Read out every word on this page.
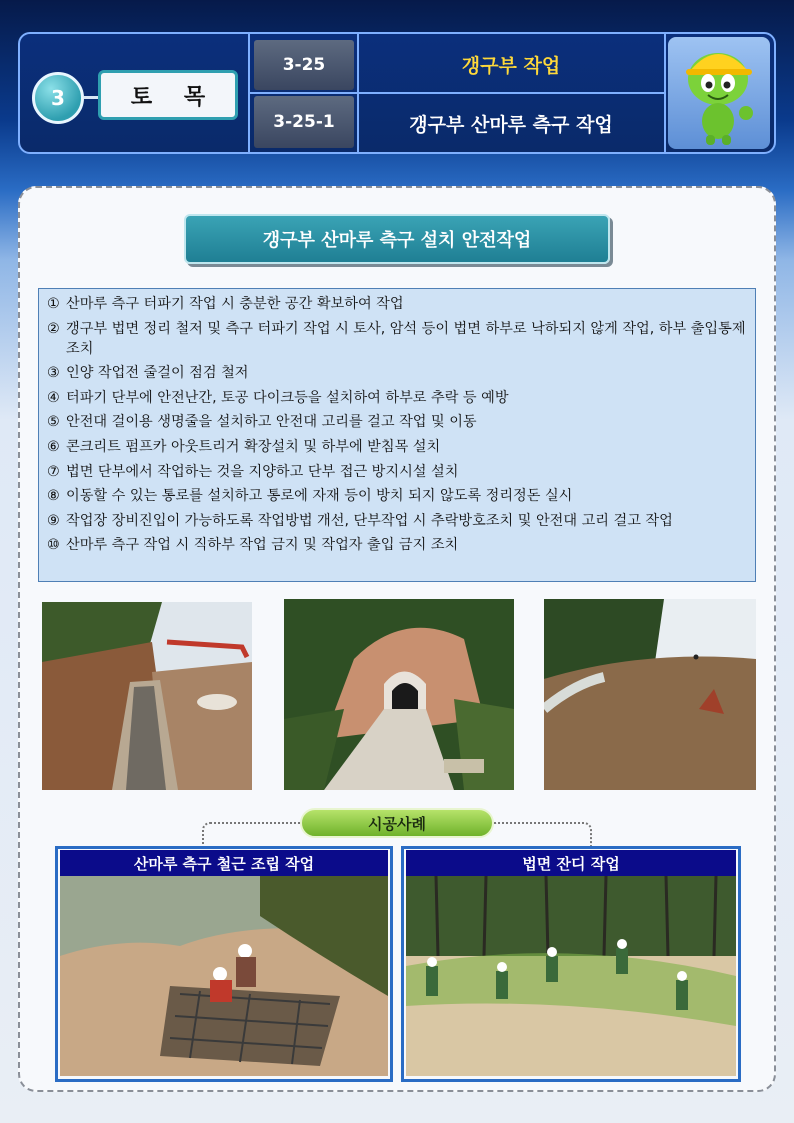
3	토 목
3-25	갱구부 작업
3-25-1	갱구부 산마루 측구 작업
갱구부 산마루 측구 설치 안전작업
① 산마루 측구 터파기 작업 시 충분한 공간 확보하여 작업
② 갱구부 법면 정리 철저 및 측구 터파기 작업 시 토사, 암석 등이 법면 하부로 낙하되지 않게 작업, 하부 출입통제 조치
③ 인양 작업전 줄걸이 점검 철저
④ 터파기 단부에 안전난간, 토공 다이크등을 설치하여 하부로 추락 등 예방
⑤ 안전대 걸이용 생명줄을 설치하고 안전대 고리를 걸고 작업 및 이동
⑥ 콘크리트 펌프카 아웃트리거 확장설치 및 하부에 받침목 설치
⑦ 법면 단부에서 작업하는 것을 지양하고 단부 접근 방지시설 설치
⑧ 이동할 수 있는 통로를 설치하고 통로에 자재 등이 방치 되지 않도록 정리정돈 실시
⑨ 작업장 장비진입이 가능하도록 작업방법 개선, 단부작업 시 추락방호조치 및 안전대 고리 걸고 작업
⑩ 산마루 측구 작업 시 직하부 작업 금지 및 작업자 출입 금지 조치
시공사례
산마루 측구 철근 조립 작업	법면 잔디 작업
